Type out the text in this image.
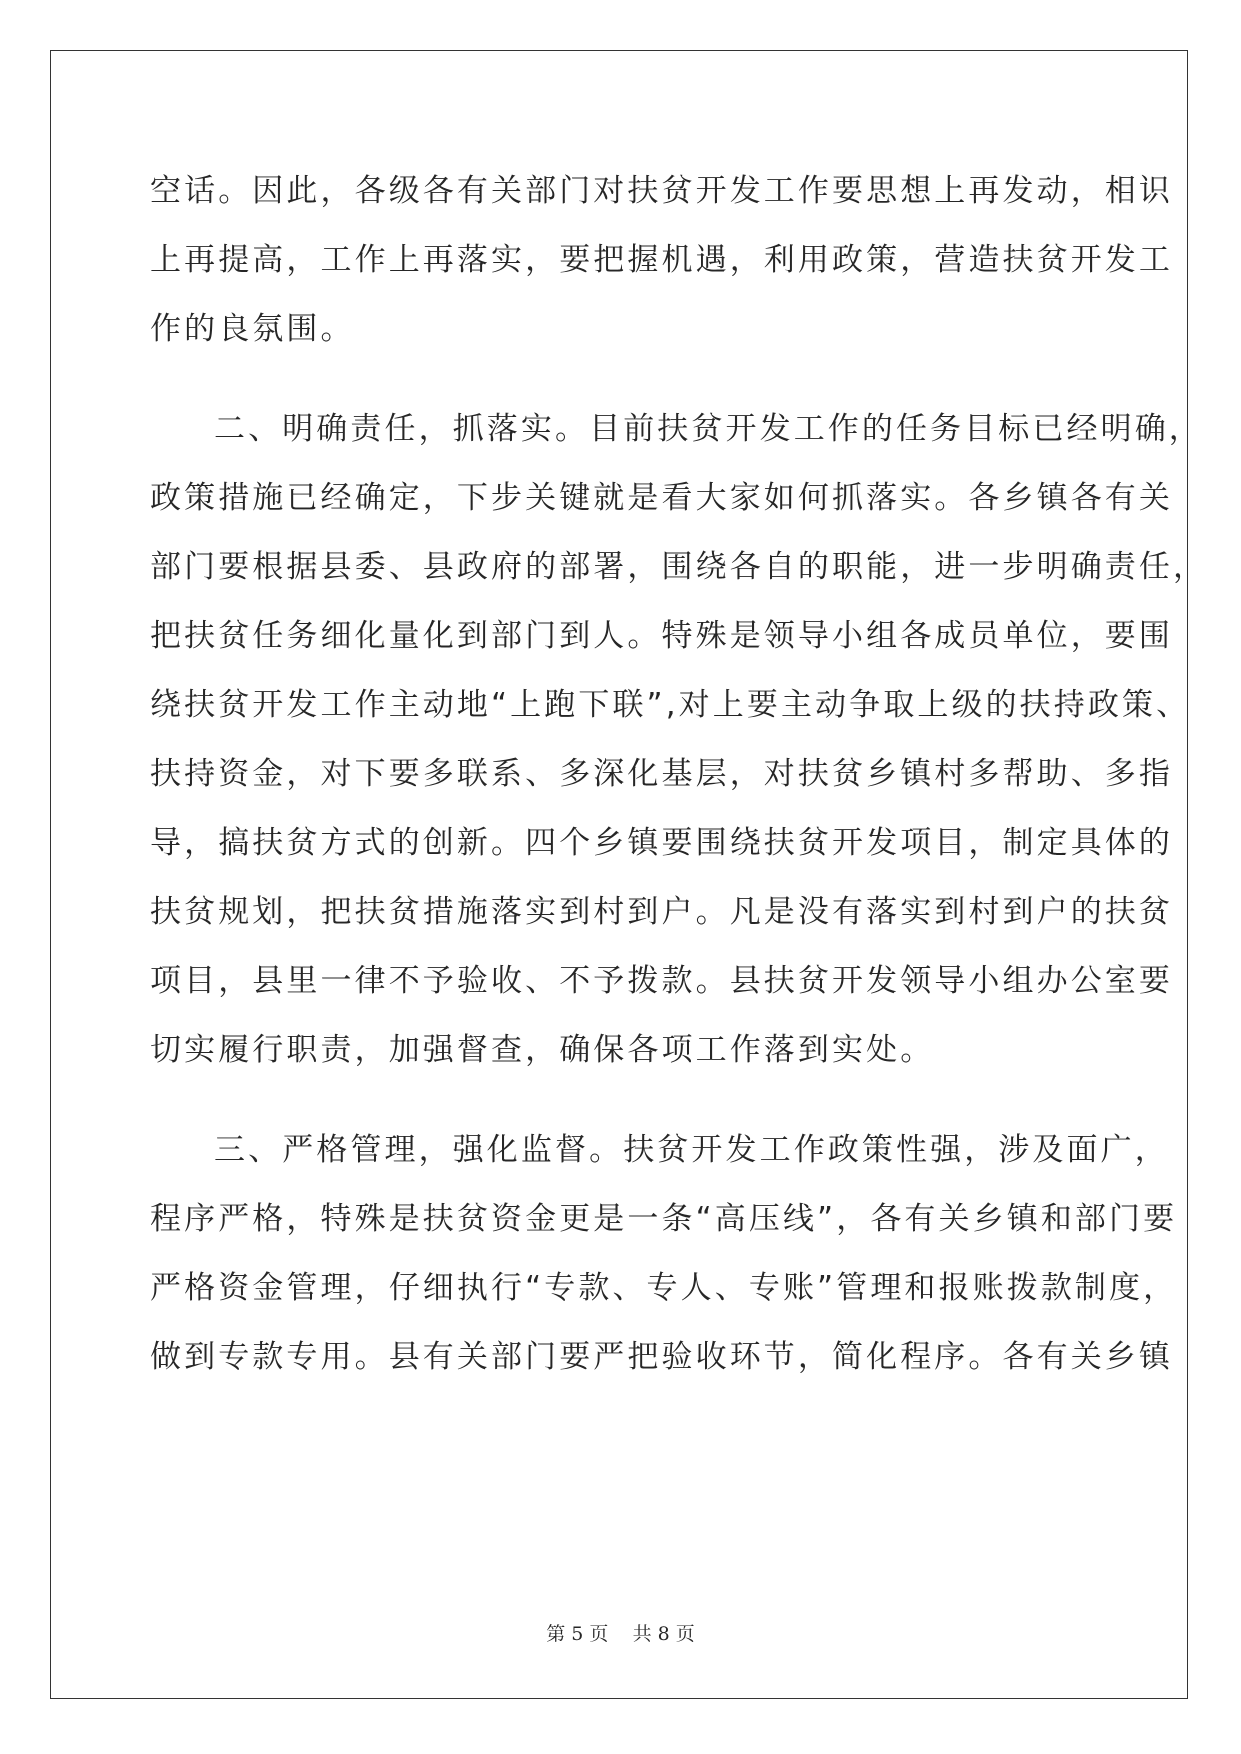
空话。因此，各级各有关部门对扶贫开发工作要思想上再发动，相识
上再提高，工作上再落实，要把握机遇，利用政策，营造扶贫开发工
作的良氛围。
二、明确责任，抓落实。目前扶贫开发工作的任务目标已经明确，
政策措施已经确定，下步关键就是看大家如何抓落实。各乡镇各有关
部门要根据县委、县政府的部署，围绕各自的职能，进一步明确责任，
把扶贫任务细化量化到部门到人。特殊是领导小组各成员单位，要围
绕扶贫开发工作主动地“上跑下联”,对上要主动争取上级的扶持政策、
扶持资金，对下要多联系、多深化基层，对扶贫乡镇村多帮助、多指
导，搞扶贫方式的创新。四个乡镇要围绕扶贫开发项目，制定具体的
扶贫规划，把扶贫措施落实到村到户。凡是没有落实到村到户的扶贫
项目，县里一律不予验收、不予拨款。县扶贫开发领导小组办公室要
切实履行职责，加强督查，确保各项工作落到实处。
三、严格管理，强化监督。扶贫开发工作政策性强，涉及面广，
程序严格，特殊是扶贫资金更是一条“高压线”，各有关乡镇和部门要
严格资金管理，仔细执行“专款、专人、专账”管理和报账拨款制度，
做到专款专用。县有关部门要严把验收环节，简化程序。各有关乡镇
第 5 页    共 8 页
